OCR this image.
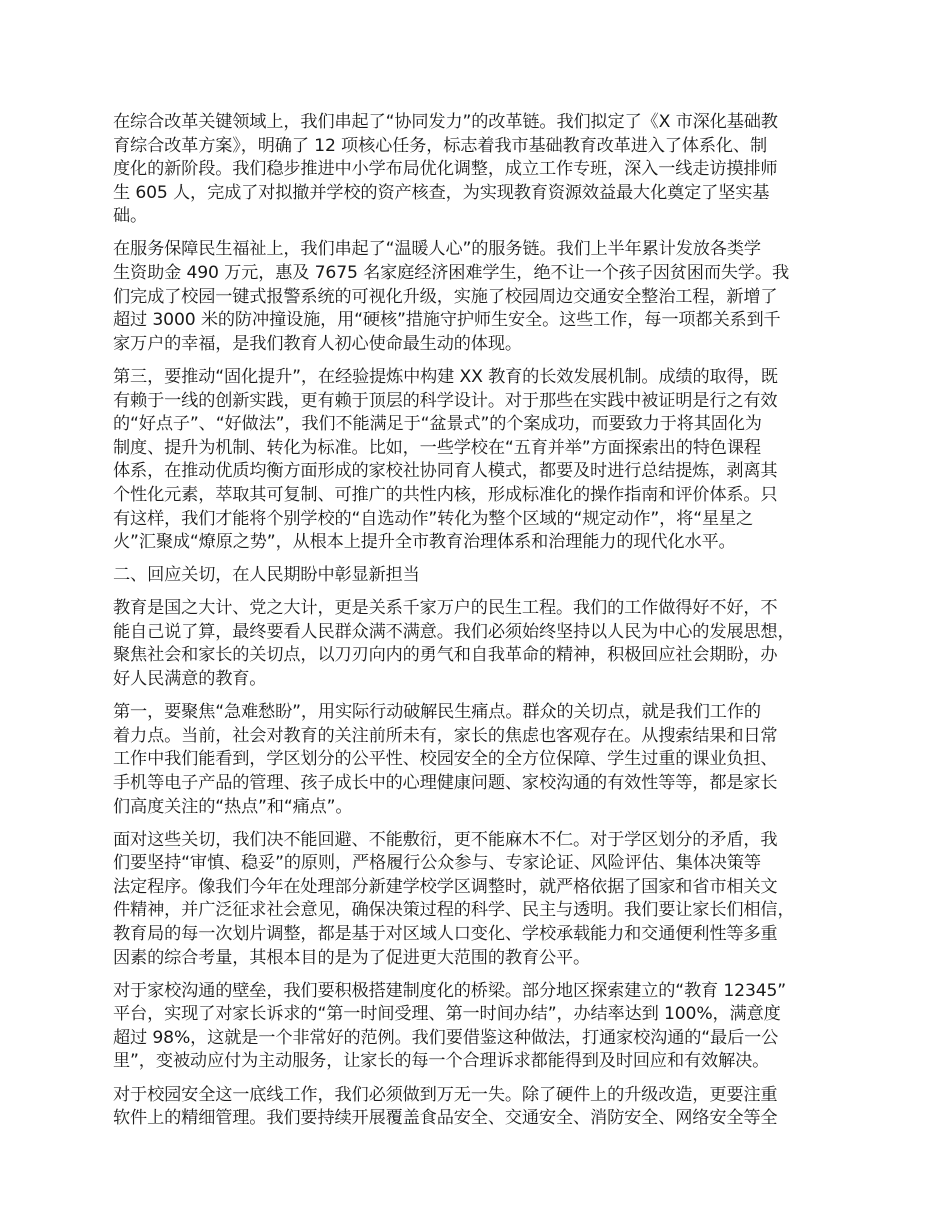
在综合改革关键领域上，我们串起了“协同发力”的改革链。我们拟定了《X 市深化基础教
育综合改革方案》，明确了 12 项核心任务，标志着我市基础教育改革进入了体系化、制
度化的新阶段。我们稳步推进中小学布局优化调整，成立工作专班，深入一线走访摸排师
生 605 人，完成了对拟撤并学校的资产核查，为实现教育资源效益最大化奠定了坚实基
础。
在服务保障民生福祉上，我们串起了“温暖人心”的服务链。我们上半年累计发放各类学
生资助金 490 万元，惠及 7675 名家庭经济困难学生，绝不让一个孩子因贫困而失学。我
们完成了校园一键式报警系统的可视化升级，实施了校园周边交通安全整治工程，新增了
超过 3000 米的防冲撞设施，用“硬核”措施守护师生安全。这些工作，每一项都关系到千
家万户的幸福，是我们教育人初心使命最生动的体现。
第三，要推动“固化提升”，在经验提炼中构建 XX 教育的长效发展机制。成绩的取得，既
有赖于一线的创新实践，更有赖于顶层的科学设计。对于那些在实践中被证明是行之有效
的“好点子”、“好做法”，我们不能满足于“盆景式”的个案成功，而要致力于将其固化为
制度、提升为机制、转化为标准。比如，一些学校在“五育并举”方面探索出的特色课程
体系，在推动优质均衡方面形成的家校社协同育人模式，都要及时进行总结提炼，剥离其
个性化元素，萃取其可复制、可推广的共性内核，形成标准化的操作指南和评价体系。只
有这样，我们才能将个别学校的“自选动作”转化为整个区域的“规定动作”，将“星星之
火”汇聚成“燎原之势”，从根本上提升全市教育治理体系和治理能力的现代化水平。
二、回应关切，在人民期盼中彰显新担当
教育是国之大计、党之大计，更是关系千家万户的民生工程。我们的工作做得好不好，不
能自己说了算，最终要看人民群众满不满意。我们必须始终坚持以人民为中心的发展思想，
聚焦社会和家长的关切点，以刀刃向内的勇气和自我革命的精神，积极回应社会期盼，办
好人民满意的教育。
第一，要聚焦“急难愁盼”，用实际行动破解民生痛点。群众的关切点，就是我们工作的
着力点。当前，社会对教育的关注前所未有，家长的焦虑也客观存在。从搜索结果和日常
工作中我们能看到，学区划分的公平性、校园安全的全方位保障、学生过重的课业负担、
手机等电子产品的管理、孩子成长中的心理健康问题、家校沟通的有效性等等，都是家长
们高度关注的“热点”和“痛点”。
面对这些关切，我们决不能回避、不能敷衍，更不能麻木不仁。对于学区划分的矛盾，我
们要坚持“审慎、稳妥”的原则，严格履行公众参与、专家论证、风险评估、集体决策等
法定程序。像我们今年在处理部分新建学校学区调整时，就严格依据了国家和省市相关文
件精神，并广泛征求社会意见，确保决策过程的科学、民主与透明。我们要让家长们相信，
教育局的每一次划片调整，都是基于对区域人口变化、学校承载能力和交通便利性等多重
因素的综合考量，其根本目的是为了促进更大范围的教育公平。
对于家校沟通的壁垒，我们要积极搭建制度化的桥梁。部分地区探索建立的“教育 12345”
平台，实现了对家长诉求的“第一时间受理、第一时间办结”，办结率达到 100%，满意度
超过 98%，这就是一个非常好的范例。我们要借鉴这种做法，打通家校沟通的“最后一公
里”，变被动应付为主动服务，让家长的每一个合理诉求都能得到及时回应和有效解决。
对于校园安全这一底线工作，我们必须做到万无一失。除了硬件上的升级改造，更要注重
软件上的精细管理。我们要持续开展覆盖食品安全、交通安全、消防安全、网络安全等全
